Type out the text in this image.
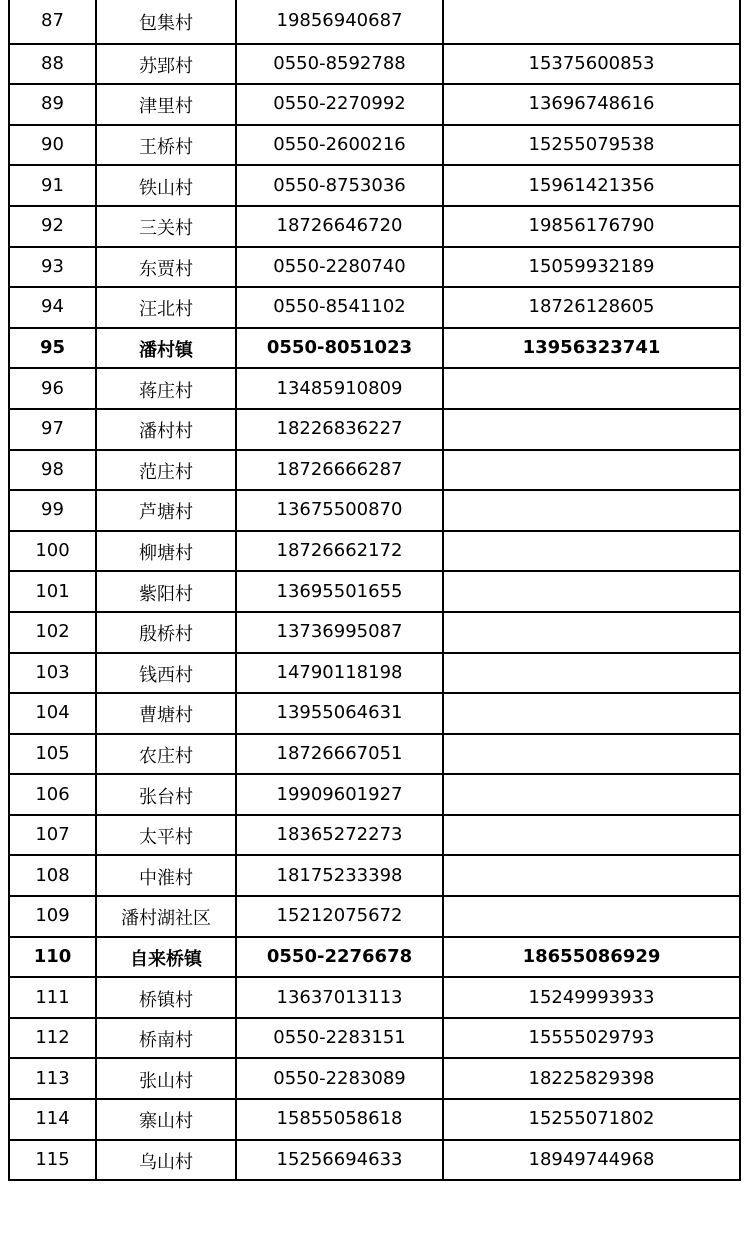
87	包集村	19856940687	
88	苏郢村	0550-8592788	15375600853
89	津里村	0550-2270992	13696748616
90	王桥村	0550-2600216	15255079538
91	铁山村	0550-8753036	15961421356
92	三关村	18726646720	19856176790
93	东贾村	0550-2280740	15059932189
94	汪北村	0550-8541102	18726128605
95	潘村镇	0550-8051023	13956323741
96	蒋庄村	13485910809	
97	潘村村	18226836227	
98	范庄村	18726666287	
99	芦塘村	13675500870	
100	柳塘村	18726662172	
101	紫阳村	13695501655	
102	殷桥村	13736995087	
103	钱西村	14790118198	
104	曹塘村	13955064631	
105	农庄村	18726667051	
106	张台村	19909601927	
107	太平村	18365272273	
108	中淮村	18175233398	
109	潘村湖社区	15212075672	
110	自来桥镇	0550-2276678	18655086929
111	桥镇村	13637013113	15249993933
112	桥南村	0550-2283151	15555029793
113	张山村	0550-2283089	18225829398
114	寨山村	15855058618	15255071802
115	乌山村	15256694633	18949744968
